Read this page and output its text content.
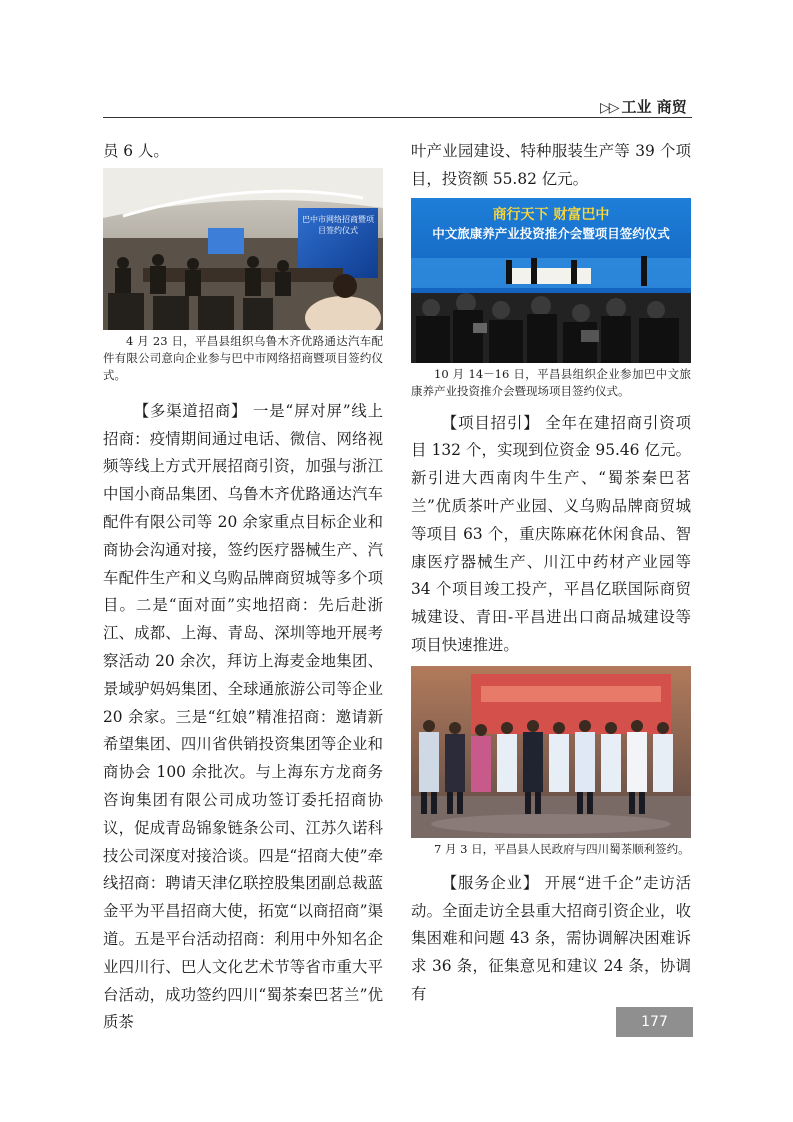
▷▷ 工业 商贸

员 6 人。

巴中市网络招商暨项目签约仪式

4 月 23 日，平昌县组织乌鲁木齐优路通达汽车配件有限公司意向企业参与巴中市网络招商暨项目签约仪式。

【多渠道招商】 一是“屏对屏”线上招商：疫情期间通过电话、微信、网络视频等线上方式开展招商引资，加强与浙江中国小商品集团、乌鲁木齐优路通达汽车配件有限公司等 20 余家重点目标企业和商协会沟通对接，签约医疗器械生产、汽车配件生产和义乌购品牌商贸城等多个项目。二是“面对面”实地招商：先后赴浙江、成都、上海、青岛、深圳等地开展考察活动 20 余次，拜访上海麦金地集团、景域驴妈妈集团、全球通旅游公司等企业 20 余家。三是“红娘”精准招商：邀请新希望集团、四川省供销投资集团等企业和商协会 100 余批次。与上海东方龙商务咨询集团有限公司成功签订委托招商协议，促成青岛锦象链条公司、江苏久诺科技公司深度对接洽谈。四是“招商大使”牵线招商：聘请天津亿联控股集团副总裁蓝金平为平昌招商大使，拓宽“以商招商”渠道。五是平台活动招商：利用中外知名企业四川行、巴人文化艺术节等省市重大平台活动，成功签约四川“蜀茶秦巴茗兰”优质茶

叶产业园建设、特种服装生产等 39 个项目，投资额 55.82 亿元。

商行天下 财富巴中
中文旅康养产业投资推介会暨项目签约仪式

10 月 14－16 日，平昌县组织企业参加巴中文旅康养产业投资推介会暨现场项目签约仪式。

【项目招引】 全年在建招商引资项目 132 个，实现到位资金 95.46 亿元。新引进大西南肉牛生产、“蜀茶秦巴茗兰”优质茶叶产业园、义乌购品牌商贸城等项目 63 个，重庆陈麻花休闲食品、智康医疗器械生产、川江中药材产业园等 34 个项目竣工投产，平昌亿联国际商贸城建设、青田-平昌进出口商品城建设等项目快速推进。

7 月 3 日，平昌县人民政府与四川蜀茶顺利签约。

【服务企业】 开展“进千企”走访活动。全面走访全县重大招商引资企业，收集困难和问题 43 条，需协调解决困难诉求 36 条，征集意见和建议 24 条，协调有

177
